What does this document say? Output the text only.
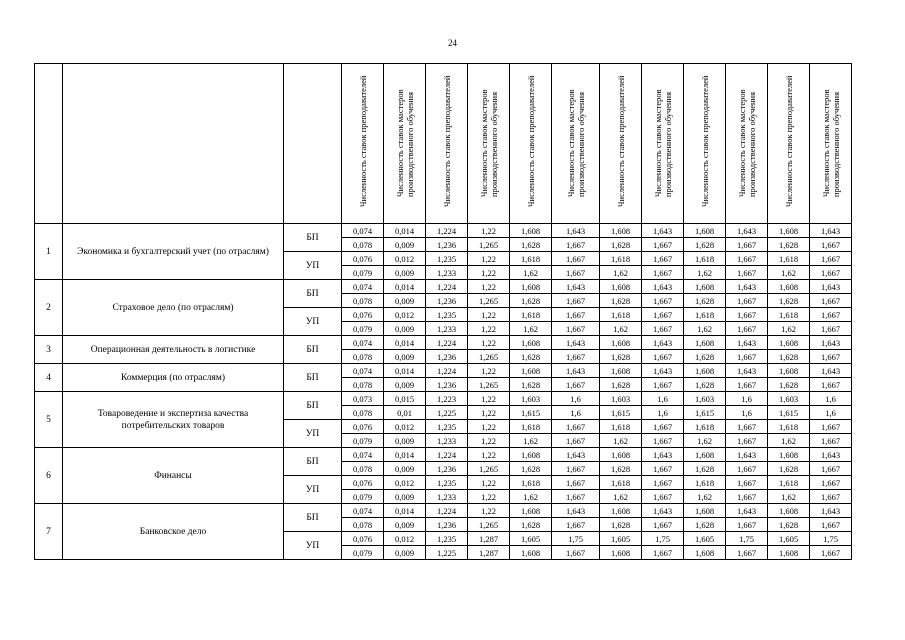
24

			Численность ставок преподавателей	Численность ставок мастеров производственного обучения	Численность ставок преподавателей	Численность ставок мастеров производственного обучения	Численность ставок преподавателей	Численность ставок мастеров производственного обучения	Численность ставок преподавателей	Численность ставок мастеров производственного обучения	Численность ставок преподавателей	Численность ставок мастеров производственного обучения	Численность ставок преподавателей	Численность ставок мастеров производственного обучения

1	Экономика и бухгалтерский учет (по отраслям)	БП	0,074	0,014	1,224	1,22	1,608	1,643	1,608	1,643	1,608	1,643	1,608	1,643
			0,078	0,009	1,236	1,265	1,628	1,667	1,628	1,667	1,628	1,667	1,628	1,667
		УП	0,076	0,012	1,235	1,22	1,618	1,667	1,618	1,667	1,618	1,667	1,618	1,667
			0,079	0,009	1,233	1,22	1,62	1,667	1,62	1,667	1,62	1,667	1,62	1,667
2	Страховое дело (по отраслям)	БП	0,074	0,014	1,224	1,22	1,608	1,643	1,608	1,643	1,608	1,643	1,608	1,643
			0,078	0,009	1,236	1,265	1,628	1,667	1,628	1,667	1,628	1,667	1,628	1,667
		УП	0,076	0,012	1,235	1,22	1,618	1,667	1,618	1,667	1,618	1,667	1,618	1,667
			0,079	0,009	1,233	1,22	1,62	1,667	1,62	1,667	1,62	1,667	1,62	1,667
3	Операционная деятельность в логистике	БП	0,074	0,014	1,224	1,22	1,608	1,643	1,608	1,643	1,608	1,643	1,608	1,643
			0,078	0,009	1,236	1,265	1,628	1,667	1,628	1,667	1,628	1,667	1,628	1,667
4	Коммерция (по отраслям)	БП	0,074	0,014	1,224	1,22	1,608	1,643	1,608	1,643	1,608	1,643	1,608	1,643
			0,078	0,009	1,236	1,265	1,628	1,667	1,628	1,667	1,628	1,667	1,628	1,667
5	Товароведение и экспертиза качества потребительских товаров	БП	0,073	0,015	1,223	1,22	1,603	1,6	1,603	1,6	1,603	1,6	1,603	1,6
			0,078	0,01	1,225	1,22	1,615	1,6	1,615	1,6	1,615	1,6	1,615	1,6
		УП	0,076	0,012	1,235	1,22	1,618	1,667	1,618	1,667	1,618	1,667	1,618	1,667
			0,079	0,009	1,233	1,22	1,62	1,667	1,62	1,667	1,62	1,667	1,62	1,667
6	Финансы	БП	0,074	0,014	1,224	1,22	1,608	1,643	1,608	1,643	1,608	1,643	1,608	1,643
			0,078	0,009	1,236	1,265	1,628	1,667	1,628	1,667	1,628	1,667	1,628	1,667
		УП	0,076	0,012	1,235	1,22	1,618	1,667	1,618	1,667	1,618	1,667	1,618	1,667
			0,079	0,009	1,233	1,22	1,62	1,667	1,62	1,667	1,62	1,667	1,62	1,667
7	Банковское дело	БП	0,074	0,014	1,224	1,22	1,608	1,643	1,608	1,643	1,608	1,643	1,608	1,643
			0,078	0,009	1,236	1,265	1,628	1,667	1,628	1,667	1,628	1,667	1,628	1,667
		УП	0,076	0,012	1,235	1,287	1,605	1,75	1,605	1,75	1,605	1,75	1,605	1,75
			0,079	0,009	1,225	1,287	1,608	1,667	1,608	1,667	1,608	1,667	1,608	1,667
